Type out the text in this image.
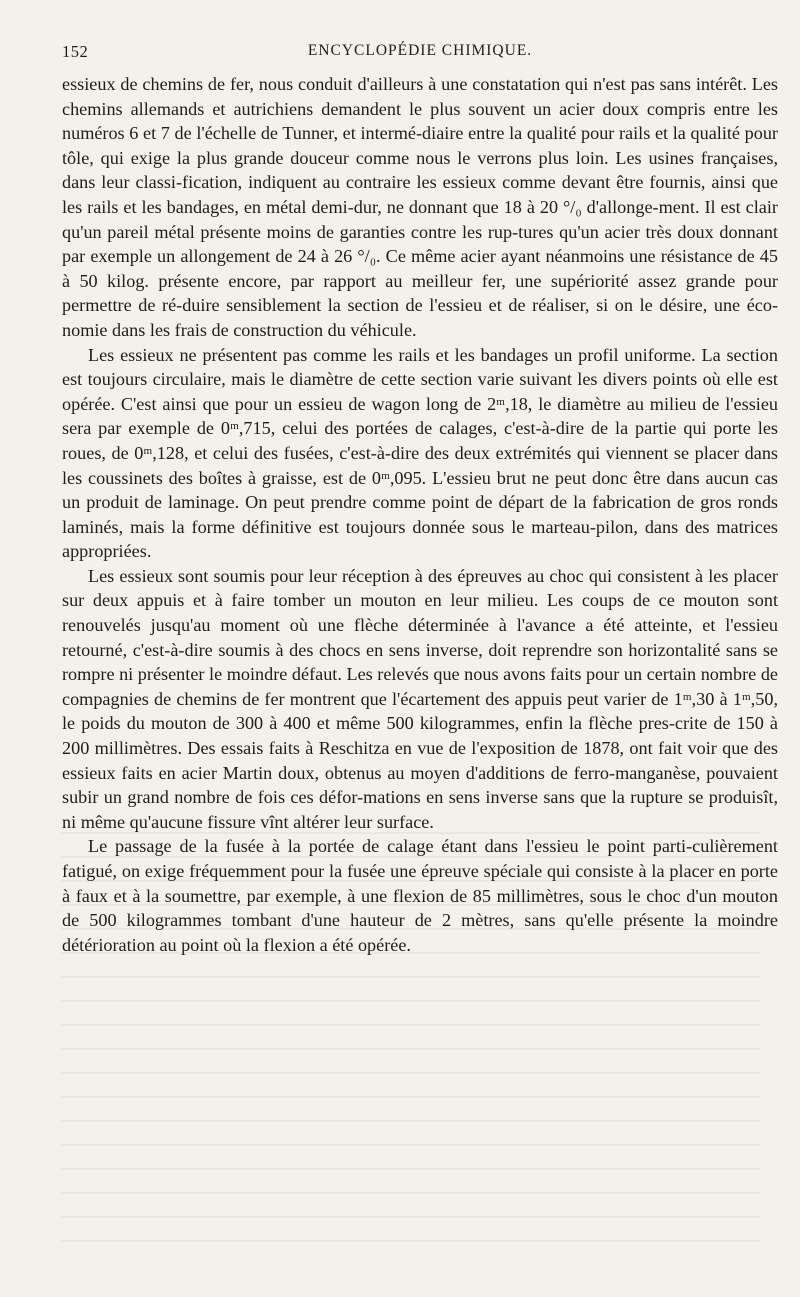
152	ENCYCLOPÉDIE CHIMIQUE.

essieux de chemins de fer, nous conduit d'ailleurs à une constatation qui n'est pas sans intérêt. Les chemins allemands et autrichiens demandent le plus souvent un acier doux compris entre les numéros 6 et 7 de l'échelle de Tunner, et intermé-diaire entre la qualité pour rails et la qualité pour tôle, qui exige la plus grande douceur comme nous le verrons plus loin. Les usines françaises, dans leur classi-fication, indiquent au contraire les essieux comme devant être fournis, ainsi que les rails et les bandages, en métal demi-dur, ne donnant que 18 à 20 °/₀ d'allonge-ment. Il est clair qu'un pareil métal présente moins de garanties contre les rup-tures qu'un acier très doux donnant par exemple un allongement de 24 à 26 °/₀. Ce même acier ayant néanmoins une résistance de 45 à 50 kilog. présente encore, par rapport au meilleur fer, une supériorité assez grande pour permettre de ré-duire sensiblement la section de l'essieu et de réaliser, si on le désire, une éco-nomie dans les frais de construction du véhicule.

Les essieux ne présentent pas comme les rails et les bandages un profil uniforme. La section est toujours circulaire, mais le diamètre de cette section varie suivant les divers points où elle est opérée. C'est ainsi que pour un essieu de wagon long de 2ᵐ,18, le diamètre au milieu de l'essieu sera par exemple de 0ᵐ,715, celui des portées de calages, c'est-à-dire de la partie qui porte les roues, de 0ᵐ,128, et celui des fusées, c'est-à-dire des deux extrémités qui viennent se placer dans les coussinets des boîtes à graisse, est de 0ᵐ,095. L'essieu brut ne peut donc être dans aucun cas un produit de laminage. On peut prendre comme point de départ de la fabrication de gros ronds laminés, mais la forme définitive est toujours donnée sous le marteau-pilon, dans des matrices appropriées.

Les essieux sont soumis pour leur réception à des épreuves au choc qui consistent à les placer sur deux appuis et à faire tomber un mouton en leur milieu. Les coups de ce mouton sont renouvelés jusqu'au moment où une flèche déterminée à l'avance a été atteinte, et l'essieu retourné, c'est-à-dire soumis à des chocs en sens inverse, doit reprendre son horizontalité sans se rompre ni présenter le moindre défaut. Les relevés que nous avons faits pour un certain nombre de compagnies de chemins de fer montrent que l'écartement des appuis peut varier de 1ᵐ,30 à 1ᵐ,50, le poids du mouton de 300 à 400 et même 500 kilogrammes, enfin la flèche pres-crite de 150 à 200 millimètres. Des essais faits à Reschitza en vue de l'exposition de 1878, ont fait voir que des essieux faits en acier Martin doux, obtenus au moyen d'additions de ferro-manganèse, pouvaient subir un grand nombre de fois ces défor-mations en sens inverse sans que la rupture se produisît, ni même qu'aucune fissure vînt altérer leur surface.

Le passage de la fusée à la portée de calage étant dans l'essieu le point parti-culièrement fatigué, on exige fréquemment pour la fusée une épreuve spéciale qui consiste à la placer en porte à faux et à la soumettre, par exemple, à une flexion de 85 millimètres, sous le choc d'un mouton de 500 kilogrammes tombant d'une hauteur de 2 mètres, sans qu'elle présente la moindre détérioration au point où la flexion a été opérée.
